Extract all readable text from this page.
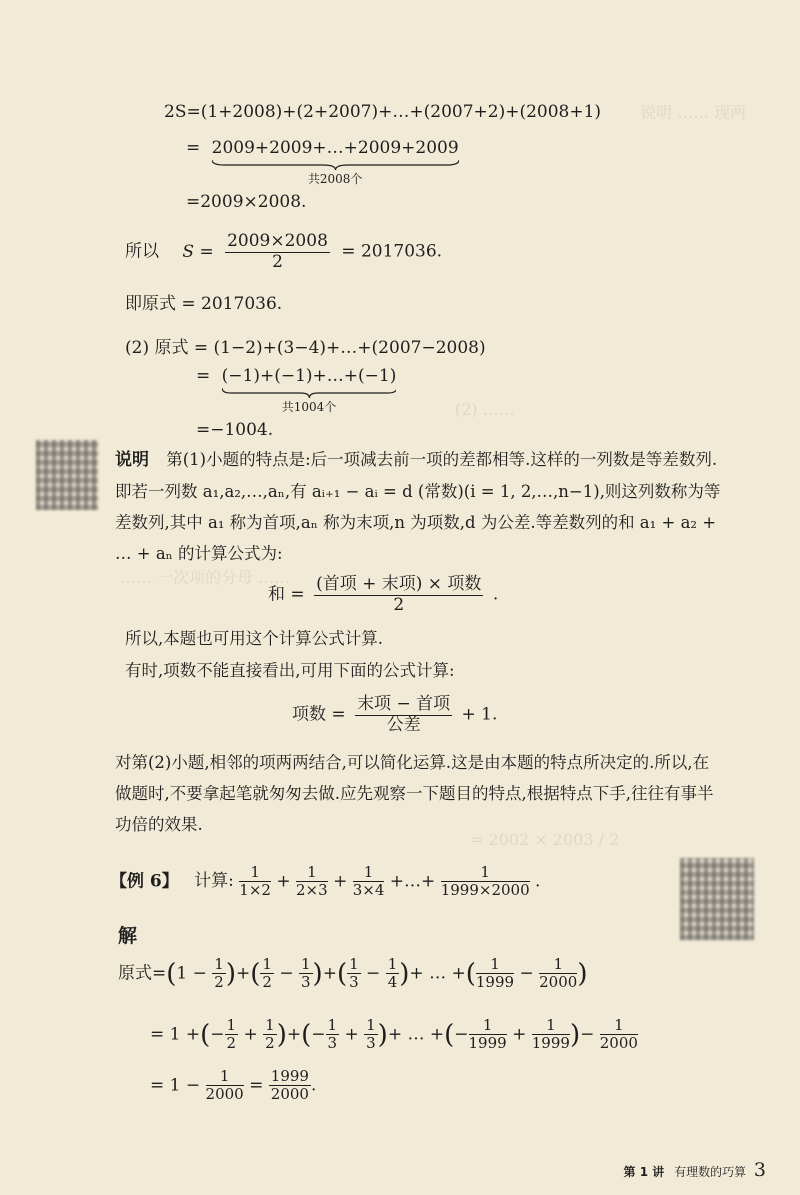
说明 …… 现两
(2) ……
…… 一次项的分母 ……
= 2002 × 2003 / 2
2S=(1+2008)+(2+2007)+…+(2007+2)+(2008+1)
= 2009+2009+…+2009+2009
共2008个
=2009×2008.
所以 $S = \frac{2009\times 2008}{2} = 2017036$.
即原式 = 2017036.
(2) 原式 = (1−2)+(3−4)+…+(2007−2008)
= (−1)+(−1)+…+(−1)
共1004个
=−1004.
说明 第(1)小题的特点是:后一项减去前一项的差都相等.这样的一列数是等差数列.即若一列数 a₁,a₂,…,aₙ,有 aᵢ₊₁ − aᵢ = d (常数)(i = 1, 2,…,n−1),则这列数称为等差数列,其中 a₁ 称为首项,aₙ 称为末项,n 为项数,d 为公差.等差数列的和 a₁ + a₂ + … + aₙ 的计算公式为:
和 = $\frac{\text{(首项 + 末项) × 项数}}{2}$ .
所以,本题也可用这个计算公式计算.
有时,项数不能直接看出,可用下面的公式计算:
项数 = $\frac{\text{末项 − 首项}}{\text{公差}} + 1$.
对第(2)小题,相邻的项两两结合,可以简化运算.这是由本题的特点所决定的.所以,在做题时,不要拿起笔就匆匆去做.应先观察一下题目的特点,根据特点下手,往往有事半功倍的效果.
【例 6】 计算: $\frac{1}{1\times 2} + \frac{1}{2\times 3} + \frac{1}{3\times 4}$ +…+ $\frac{1}{1999\times 2000}$ .
解
原式$=(1 - \frac{1}{2}$ )+( $\frac{1}{2} - \frac{1}{3}$ )+( $\frac{1}{3} - \frac{1}{4}$ )+ … +( $\frac{1}{1999} - \frac{1}{2000}$ )
= 1 +(− $\frac{1}{2} + \frac{1}{2}$ )+(− $\frac{1}{3} + \frac{1}{3}$ )+ … +(− $\frac{1}{1999} + \frac{1}{1999}$ )− $\frac{1}{2000}$
= $1 - \frac{1}{2000} = \frac{1999}{2000}$ .
第 1 讲 有理数的巧算 3
